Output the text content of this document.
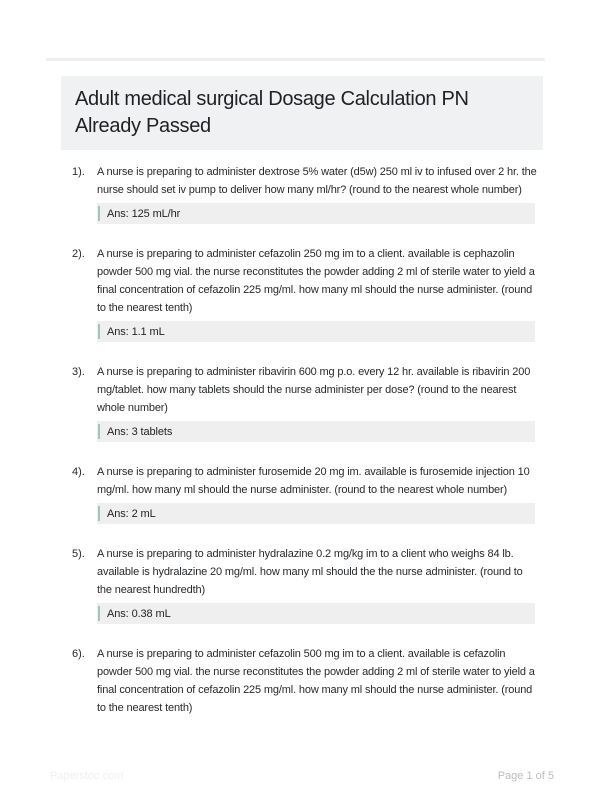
Adult medical surgical Dosage Calculation PN Already Passed
1).	A nurse is preparing to administer dextrose 5% water (d5w) 250 ml iv to infused over 2 hr. the nurse should set iv pump to deliver how many ml/hr? (round to the nearest whole number)
Ans: 125 mL/hr
2).	A nurse is preparing to administer cefazolin 250 mg im to a client. available is cephazolin powder 500 mg vial. the nurse reconstitutes the powder adding 2 ml of sterile water to yield a final concentration of cefazolin 225 mg/ml. how many ml should the nurse administer. (round to the nearest tenth)
Ans: 1.1 mL
3).	A nurse is preparing to administer ribavirin 600 mg p.o. every 12 hr. available is ribavirin 200 mg/tablet. how many tablets should the nurse administer per dose? (round to the nearest whole number)
Ans: 3 tablets
4).	A nurse is preparing to administer furosemide 20 mg im. available is furosemide injection 10 mg/ml. how many ml should the nurse administer. (round to the nearest whole number)
Ans: 2 mL
5).	A nurse is preparing to administer hydralazine 0.2 mg/kg im to a client who weighs 84 lb. available is hydralazine 20 mg/ml. how many ml should the the nurse administer. (round to the nearest hundredth)
Ans: 0.38 mL
6).	A nurse is preparing to administer cefazolin 500 mg im to a client. available is cefazolin powder 500 mg vial. the nurse reconstitutes the powder adding 2 ml of sterile water to yield a final concentration of cefazolin 225 mg/ml. how many ml should the nurse administer. (round to the nearest tenth)
Paperstoc.com	Page 1 of 5
